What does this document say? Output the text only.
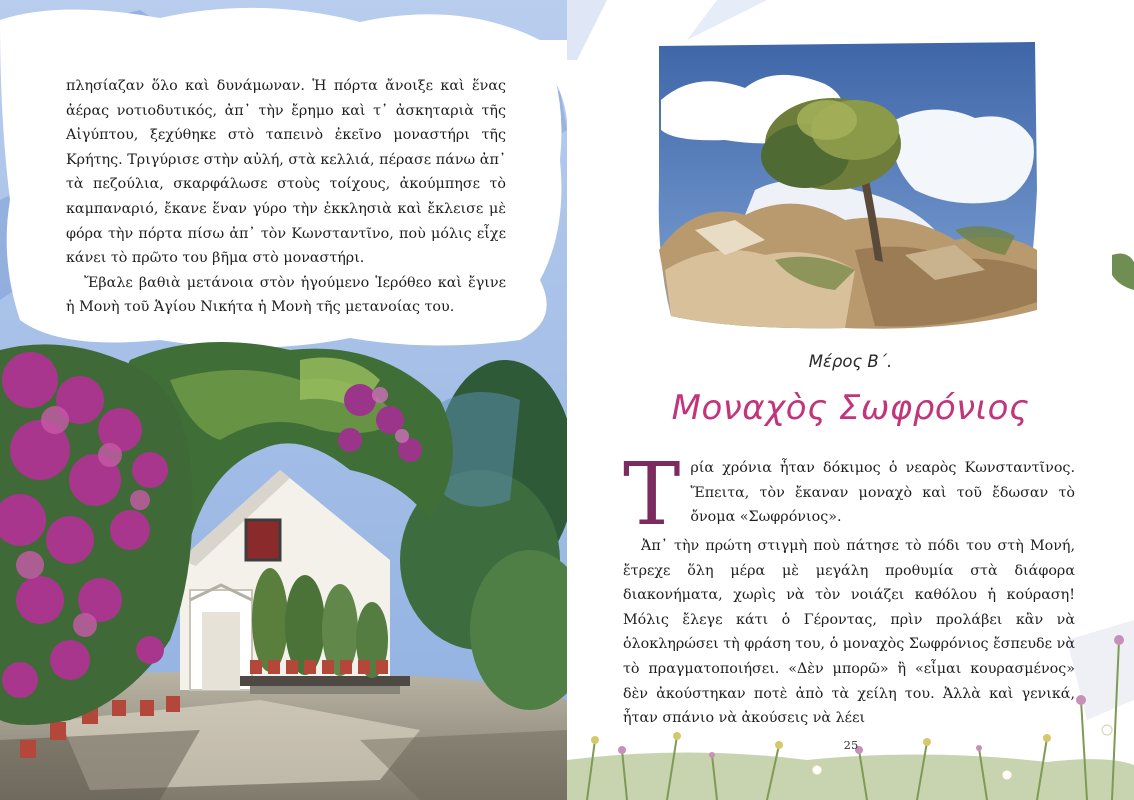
πλησίαζαν ὅλο καὶ δυνάμωναν. Ἡ πόρτα ἄνοιξε καὶ ἕνας ἀέρας νοτιοδυτικός, ἀπ᾽ τὴν ἔρημο καὶ τ᾽ ἀσκηταριὰ τῆς Αἰγύπτου, ξεχύθηκε στὸ ταπεινὸ ἐκεῖνο μοναστήρι τῆς Κρήτης. Τριγύρισε στὴν αὐλή, στὰ κελλιά, πέρασε πάνω ἀπ᾽ τὰ πεζούλια, σκαρφάλωσε στοὺς τοίχους, ἀκούμπησε τὸ καμπαναριό, ἔκανε ἕναν γύρο τὴν ἐκκλησιὰ καὶ ἔκλεισε μὲ φόρα τὴν πόρτα πίσω ἀπ᾽ τὸν Κωνσταντῖνο, ποὺ μόλις εἶχε κάνει τὸ πρῶτο του βῆμα στὸ μοναστήρι.

Ἔβαλε βαθιὰ μετάνοια στὸν ἡγούμενο Ἱερόθεο καὶ ἔγινε ἡ Μονὴ τοῦ Ἁγίου Νικήτα ἡ Μονὴ τῆς μετανοίας του.

Μέρος Β΄.
Μοναχὸς Σωφρόνιος

Τρία χρόνια ἦταν δόκιμος ὁ νεαρὸς Κωνσταντῖνος. Ἔπειτα, τὸν ἔκαναν μοναχὸ καὶ τοῦ ἔδωσαν τὸ ὄνομα «Σωφρόνιος».

Ἀπ᾽ τὴν πρώτη στιγμὴ ποὺ πάτησε τὸ πόδι του στὴ Μονή, ἔτρεχε ὅλη μέρα μὲ μεγάλη προθυμία στὰ διάφορα διακονήματα, χωρὶς νὰ τὸν νοιάζει καθόλου ἡ κούραση! Μόλις ἔλεγε κάτι ὁ Γέροντας, πρὶν προλάβει κἂν νὰ ὁλοκληρώσει τὴ φράση του, ὁ μοναχὸς Σωφρόνιος ἔσπευδε νὰ τὸ πραγματοποιήσει. «Δὲν μπορῶ» ἢ «εἶμαι κουρασμένος» δὲν ἀκούστηκαν ποτὲ ἀπὸ τὰ χείλη του. Ἀλλὰ καὶ γενικά, ἦταν σπάνιο νὰ ἀκούσεις νὰ λέει

25
